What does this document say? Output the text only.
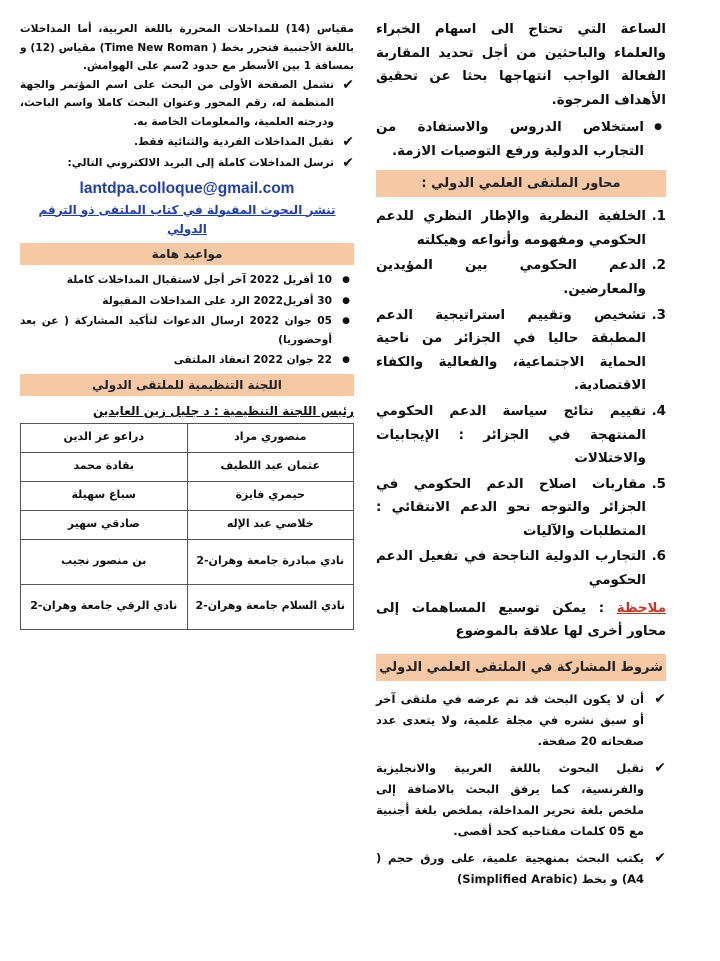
الساعة التي تحتاج الى اسهام الخبراء والعلماء والباحثين من أجل تحديد المقاربة الفعالة الواجب انتهاجها بحثا عن تحقيق الأهداف المرجوة.

● استخلاص الدروس والاستفادة من التجارب الدولية ورفع التوصيات الازمة.
محاور الملتقى العلمي الدولي :
1.
الخلفية النظرية والإطار النظري للدعم الحكومي ومفهومه وأنواعه وهيكلته
2.
الدعم الحكومي بين المؤيدين والمعارضين.
3.
تشخيص وتقييم استراتيجية الدعم المطبقة حاليا في الجزائر من ناحية الحماية الاجتماعية، والفعالية والكفاء الاقتصادية.
4.
تقييم نتائج سياسة الدعم الحكومي المنتهجة في الجزائر : الإيجابيات والاختلالات
5.
مقاربات اصلاح الدعم الحكومي في الجزائر والتوجه نحو الدعم الانتقائي : المتطلبات والآليات
6.
التجارب الدولية الناجحة في تفعيل الدعم الحكومي

ملاحظة : يمكن توسيع المساهمات إلى محاور أخرى لها علاقة بالموضوع

شروط المشاركة في الملتقى العلمي الدولي
✔
أن لا يكون البحث قد تم عرضه في ملتقى آخر أو سبق نشره في مجلة علمية، ولا يتعدى عدد صفحاته 20 صفحة.
✔
تقبل البحوث باللغة العربية والانجليزية والفرنسية، كما يرفق البحث بالاضافة إلى ملخص بلغة تحرير المداخلة، بملخص بلغة أجنبية مع 05 كلمات مفتاحيه كحد أقصى.
✔
يكتب البحث بمنهجية علمية، على ورق حجم ( A4) و بخط (Simplified Arabic)

مقياس (14) للمداخلات المحررة باللغة العربية، أما المداخلات باللغة الأجنبية فتحرر بخط ( Time New Roman) مقياس (12) و بمسافة 1 بين الأسطر مع حدود 2سم على الهوامش.

✔
تشمل الصفحة الأولى من البحث على اسم المؤتمر والجهة المنظمة له، رقم المحور وعنوان البحث كاملا واسم الباحث، ودرجته العلمية، والمعلومات الخاصة به.
✔
تقبل المداخلات الفردية والثنائية فقط.
✔
ترسل المداخلات كاملة إلى البريد الالكتروني التالي:
lantdpa.colloque@gmail.com
تنشر البحوث المقبولة في كتاب الملتقى ذو الترقم الدولي
مواعيد هامة
● 10 أفريل 2022 آخر أجل لاستقبال المداخلات كاملة
● 30 أفريل2022 الرد على المداخلات المقبولة
● 05 جوان 2022 ارسال الدعوات لتأكيد المشاركة ( عن بعد أوحضوريا)
● 22 جوان 2022 انعقاد الملتقى
اللجنة التنظيمية للملتقى الدولي
رئيس اللجنة التنظيمية : د جليل زين العابدين
منصوري مراد	دراعو عز الدين
عثمان عبد اللطيف	بقادة محمد
حيمري فايزة	سباغ سهيلة
خلاصي عبد الإله	صادقي سهير
نادي مبادرة جامعة وهران-2	بن منصور نجيب
نادي السلام جامعة وهران-2	نادي الرقي جامعة وهران-2
